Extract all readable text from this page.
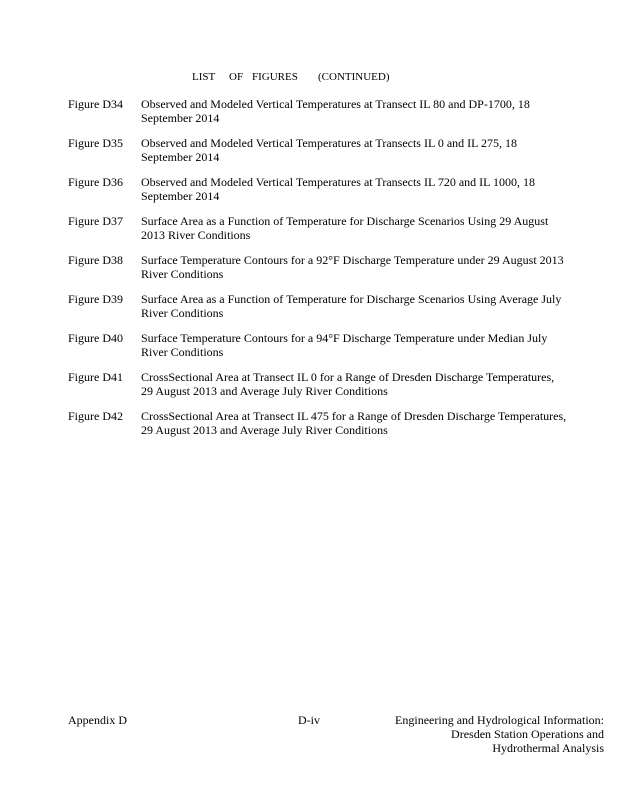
LIST OF FIGURES (CONTINUED)
Figure D34	Observed and Modeled Vertical Temperatures at Transect IL 80 and DP-1700, 18 September 2014
Figure D35	Observed and Modeled Vertical Temperatures at Transects IL 0 and IL 275, 18 September 2014
Figure D36	Observed and Modeled Vertical Temperatures at Transects IL 720 and IL 1000, 18 September 2014
Figure D37	Surface Area as a Function of Temperature for Discharge Scenarios Using 29 August 2013 River Conditions
Figure D38	Surface Temperature Contours for a 92°F Discharge Temperature under 29 August 2013 River Conditions
Figure D39	Surface Area as a Function of Temperature for Discharge Scenarios Using Average July River Conditions
Figure D40	Surface Temperature Contours for a 94°F Discharge Temperature under Median July River Conditions
Figure D41	CrossSectional Area at Transect IL 0 for a Range of Dresden Discharge Temperatures, 29 August 2013 and Average July River Conditions
Figure D42	CrossSectional Area at Transect IL 475 for a Range of Dresden Discharge Temperatures, 29 August 2013 and Average July River Conditions
Appendix D	D-iv	Engineering and Hydrological Information:
Dresden Station Operations and
Hydrothermal Analysis
